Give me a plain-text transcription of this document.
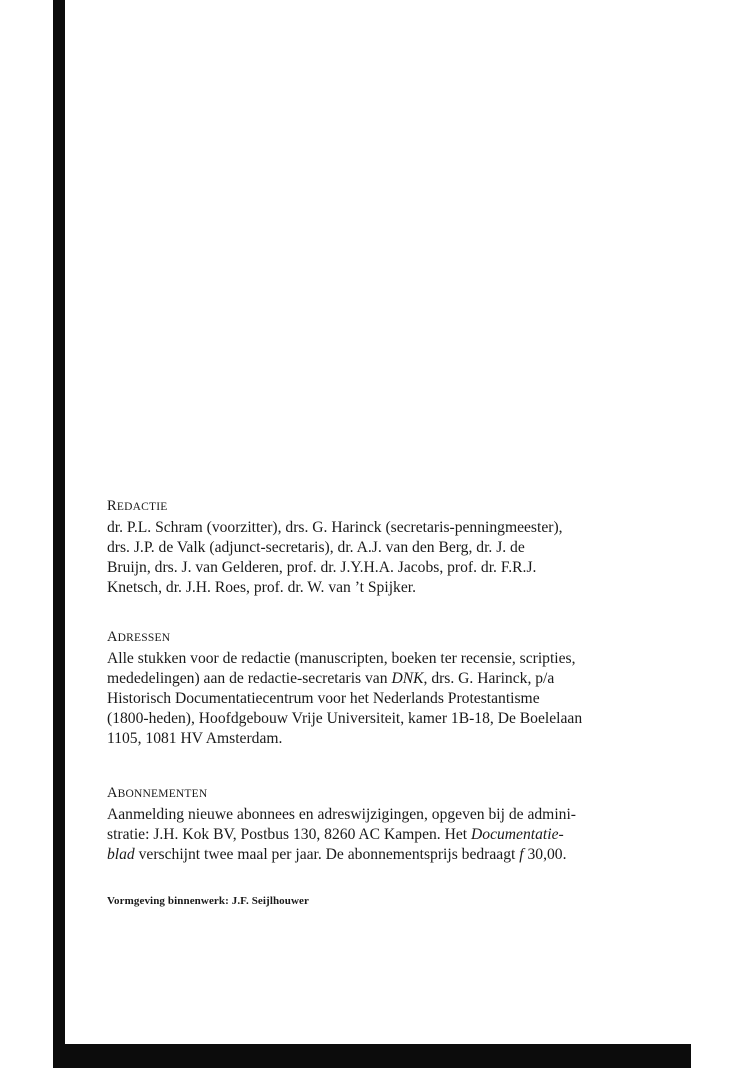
REDACTIE
dr. P.L. Schram (voorzitter), drs. G. Harinck (secretaris-penningmeester),
drs. J.P. de Valk (adjunct-secretaris), dr. A.J. van den Berg, dr. J. de
Bruijn, drs. J. van Gelderen, prof. dr. J.Y.H.A. Jacobs, prof. dr. F.R.J.
Knetsch, dr. J.H. Roes, prof. dr. W. van ’t Spijker.
ADRESSEN
Alle stukken voor de redactie (manuscripten, boeken ter recensie, scripties,
mededelingen) aan de redactie-secretaris van DNK, drs. G. Harinck, p/a
Historisch Documentatiecentrum voor het Nederlands Protestantisme
(1800-heden), Hoofdgebouw Vrije Universiteit, kamer 1B-18, De Boelelaan
1105, 1081 HV Amsterdam.
ABONNEMENTEN
Aanmelding nieuwe abonnees en adreswijzigingen, opgeven bij de admini-
stratie: J.H. Kok BV, Postbus 130, 8260 AC Kampen. Het Documentatie-
blad verschijnt twee maal per jaar. De abonnementsprijs bedraagt f 30,00.
Vormgeving binnenwerk: J.F. Seijlhouwer
